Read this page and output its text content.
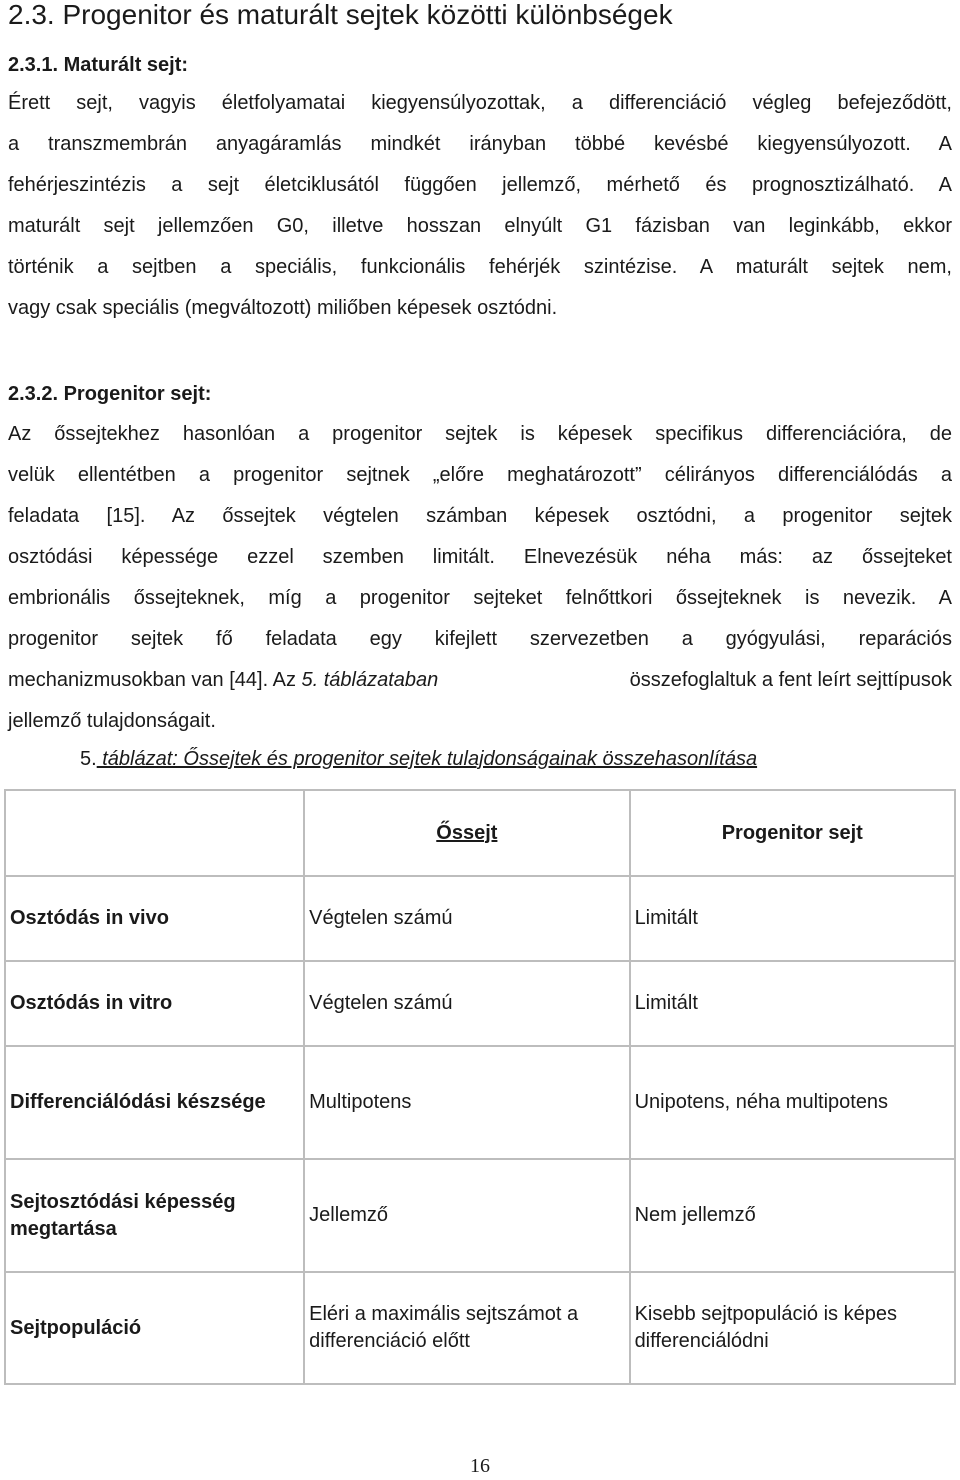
2.3. Progenitor és maturált sejtek közötti különbségek
2.3.1. Maturált sejt:
Érett sejt, vagyis életfolyamatai kiegyensúlyozottak, a differenciáció végleg befejeződött,
a transzmembrán anyagáramlás mindkét irányban többé kevésbé kiegyensúlyozott. A
fehérjeszintézis a sejt életciklusától függően jellemző, mérhető és prognosztizálható. A
maturált sejt jellemzően G0, illetve hosszan elnyúlt G1 fázisban van leginkább, ekkor
történik a sejtben a speciális, funkcionális fehérjék szintézise. A maturált sejtek nem,
vagy csak speciális (megváltozott) miliőben képesek osztódni.
2.3.2. Progenitor sejt:
Az őssejtekhez hasonlóan a progenitor sejtek is képesek specifikus differenciációra, de
velük ellentétben a progenitor sejtnek „előre meghatározott” célirányos differenciálódás a
feladata [15]. Az őssejtek végtelen számban képesek osztódni, a progenitor sejtek
osztódási képessége ezzel szemben limitált. Elnevezésük néha más: az őssejteket
embrionális őssejteknek, míg a progenitor sejteket felnőttkori őssejteknek is nevezik. A
progenitor sejtek fő feladata egy kifejlett szervezetben a gyógyulási, reparációs
mechanizmusokban van [44]. Az 5. táblázataban	összefoglaltuk a fent leírt sejttípusok
jellemző tulajdonságait.

5. táblázat: Őssejtek és progenitor sejtek tulajdonságainak összehasonlítása

	Őssejt	Progenitor sejt
Osztódás in vivo	Végtelen számú	Limitált
Osztódás in vitro	Végtelen számú	Limitált
Differenciálódási készsége	Multipotens	Unipotens, néha multipotens
Sejtosztódási képesség megtartása	Jellemző	Nem jellemző
Sejtpopuláció	Eléri a maximális sejtszámot a differenciáció előtt	Kisebb sejtpopuláció is képes differenciálódni
16
